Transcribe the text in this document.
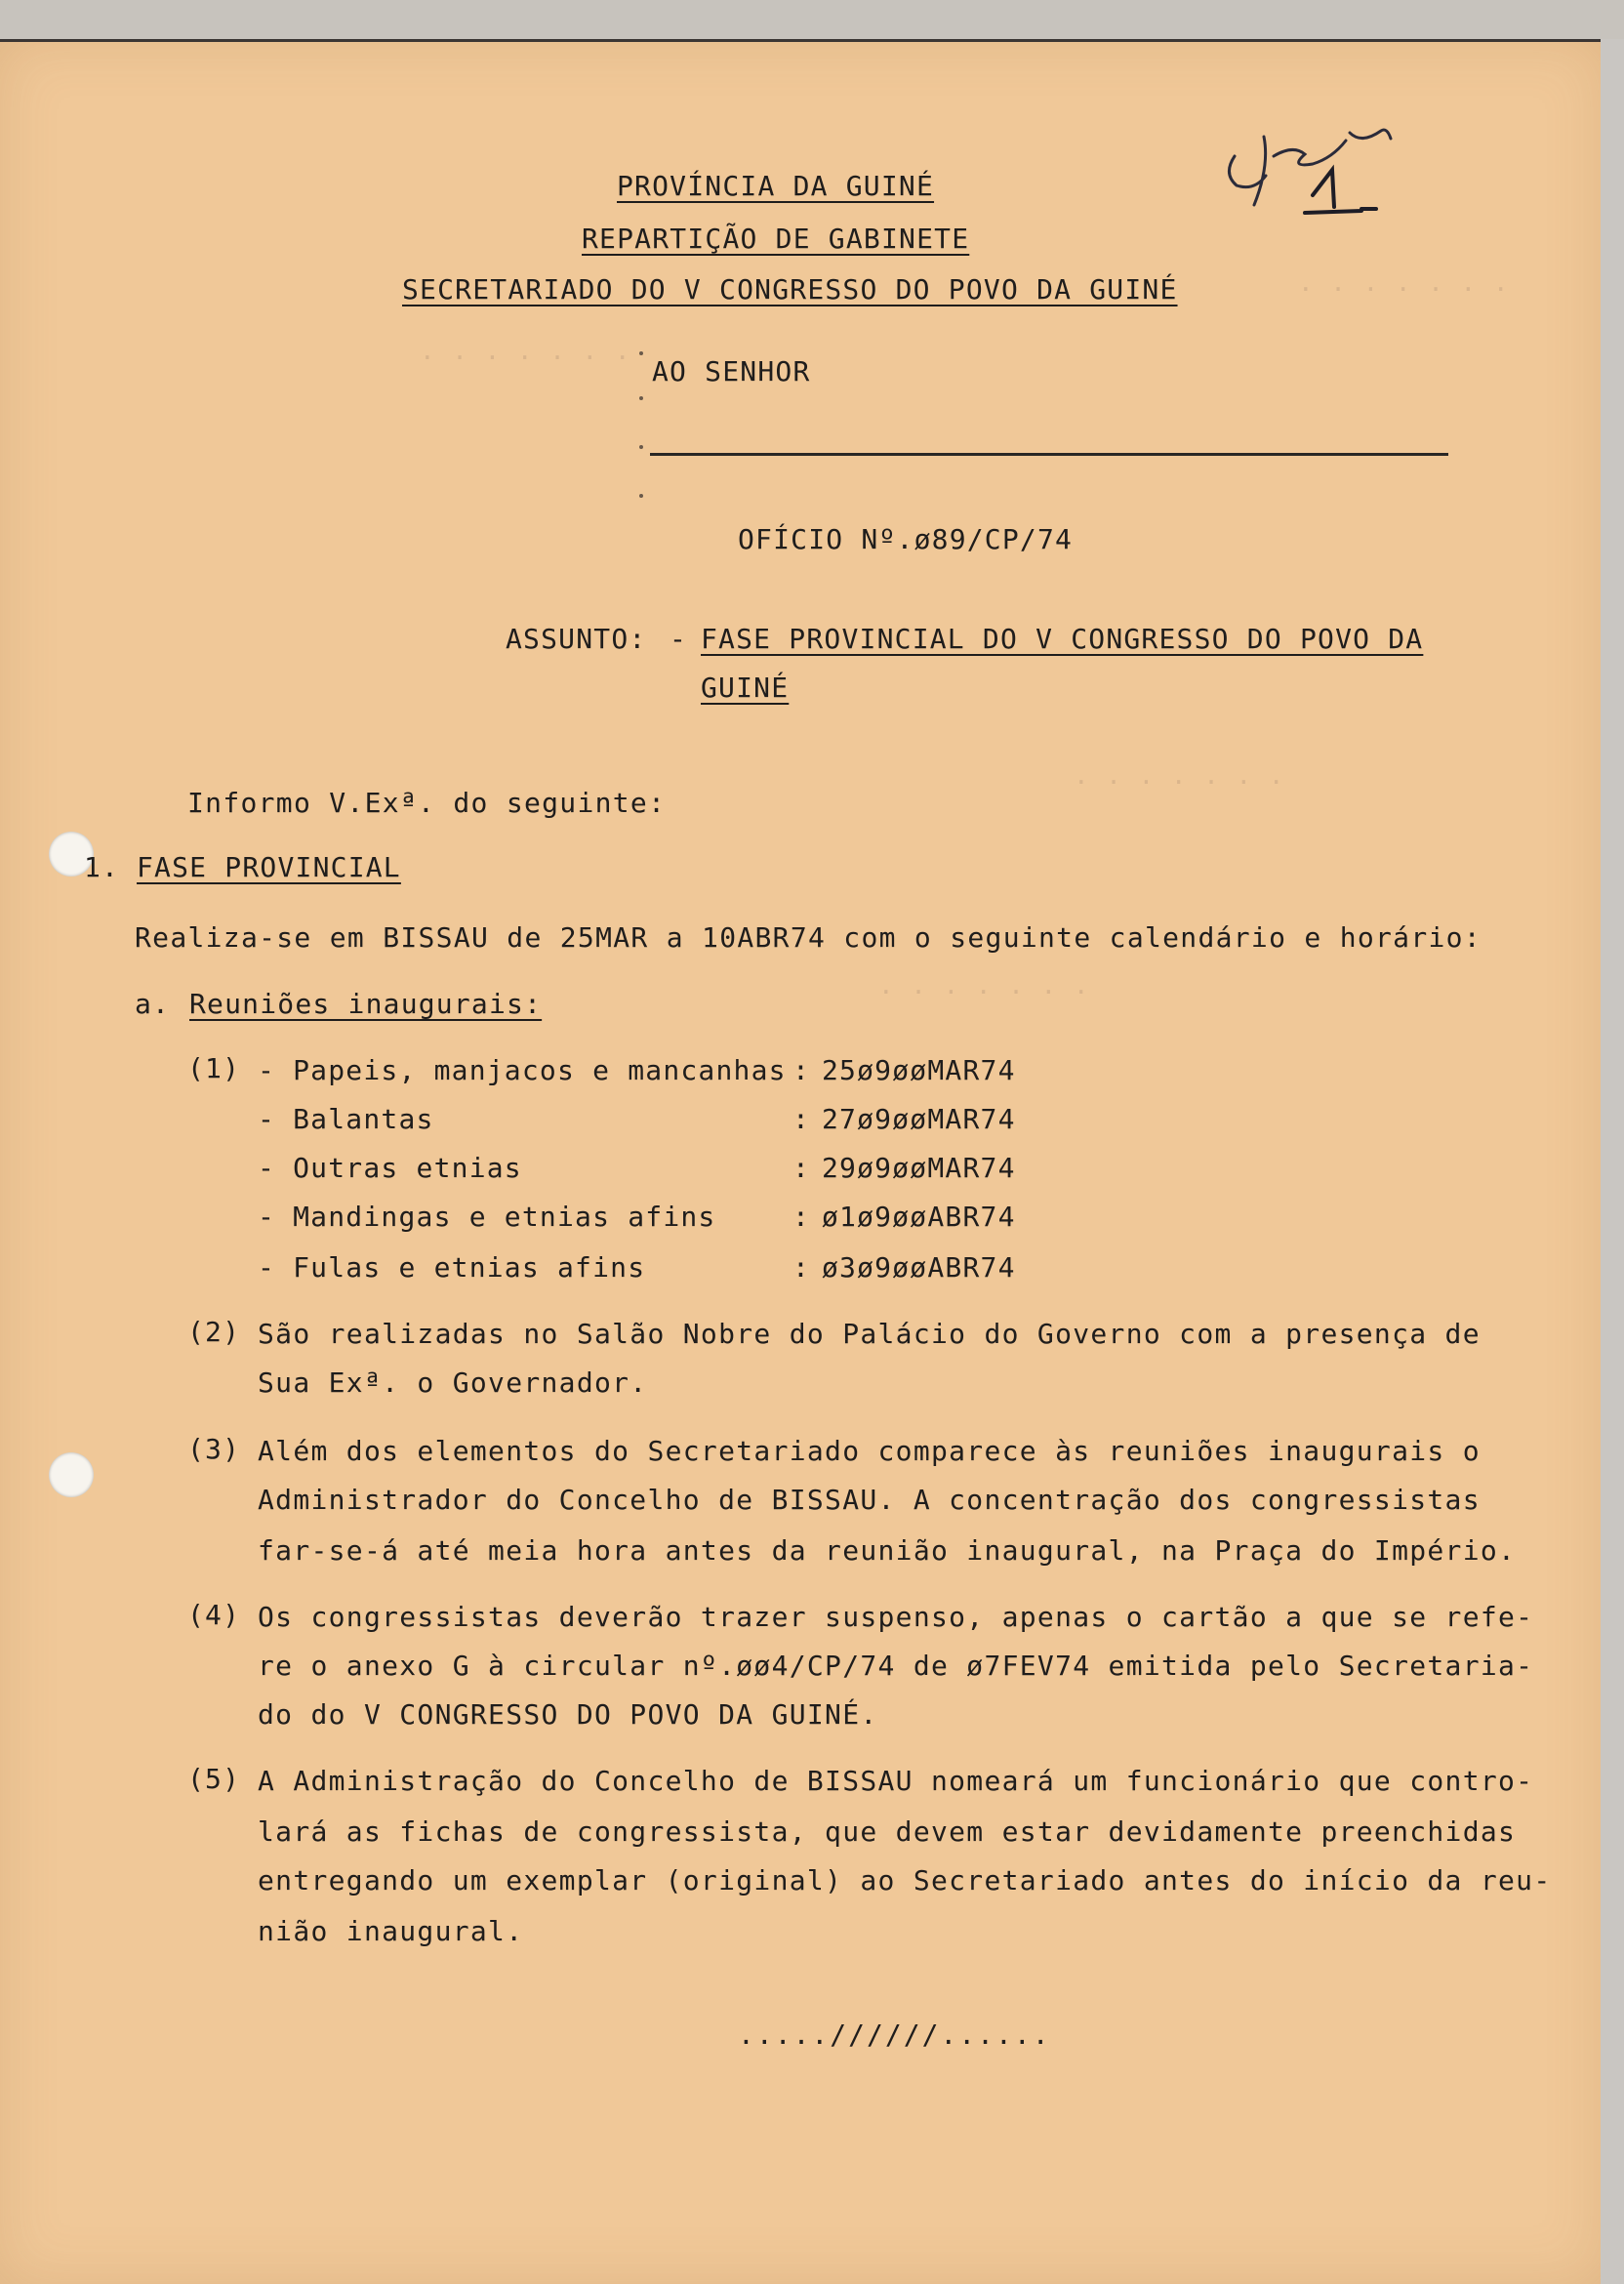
. . . . . . .
. . . . . . .
. . . . . . .
. . . . . . .
PROVÍNCIA DA GUINÉ
REPARTIÇÃO DE GABINETE
SECRETARIADO DO V CONGRESSO DO POVO DA GUINÉ
AO SENHOR
OFÍCIO Nº.ø89/CP/74
ASSUNTO: - FASE PROVINCIAL DO V CONGRESSO DO POVO DA
GUINÉ
Informo V.Exª. do seguinte:
1. FASE PROVINCIAL
Realiza-se em BISSAU de 25MAR a 10ABR74 com o seguinte calendário e horário:
a. Reuniões inaugurais:
(1) - Papeis, manjacos e mancanhas : 25ø9øøMAR74
- Balantas	: 27ø9øøMAR74
- Outras etnias	: 29ø9øøMAR74
- Mandingas e etnias afins	: ø1ø9øøABR74
- Fulas e etnias afins	: ø3ø9øøABR74
(2) São realizadas no Salão Nobre do Palácio do Governo com a presença de
Sua Exª. o Governador.
(3) Além dos elementos do Secretariado comparece às reuniões inaugurais o
Administrador do Concelho de BISSAU. A concentração dos congressistas
far-se-á até meia hora antes da reunião inaugural, na Praça do Império.
(4) Os congressistas deverão trazer suspenso, apenas o cartão a que se refe-
re o anexo G à circular nº.øø4/CP/74 de ø7FEV74 emitida pelo Secretaria-
do do V CONGRESSO DO POVO DA GUINÉ.
(5) A Administração do Concelho de BISSAU nomeará um funcionário que contro-
lará as fichas de congressista, que devem estar devidamente preenchidas
entregando um exemplar (original) ao Secretariado antes do início da reu-
nião inaugural.
.....//////......
